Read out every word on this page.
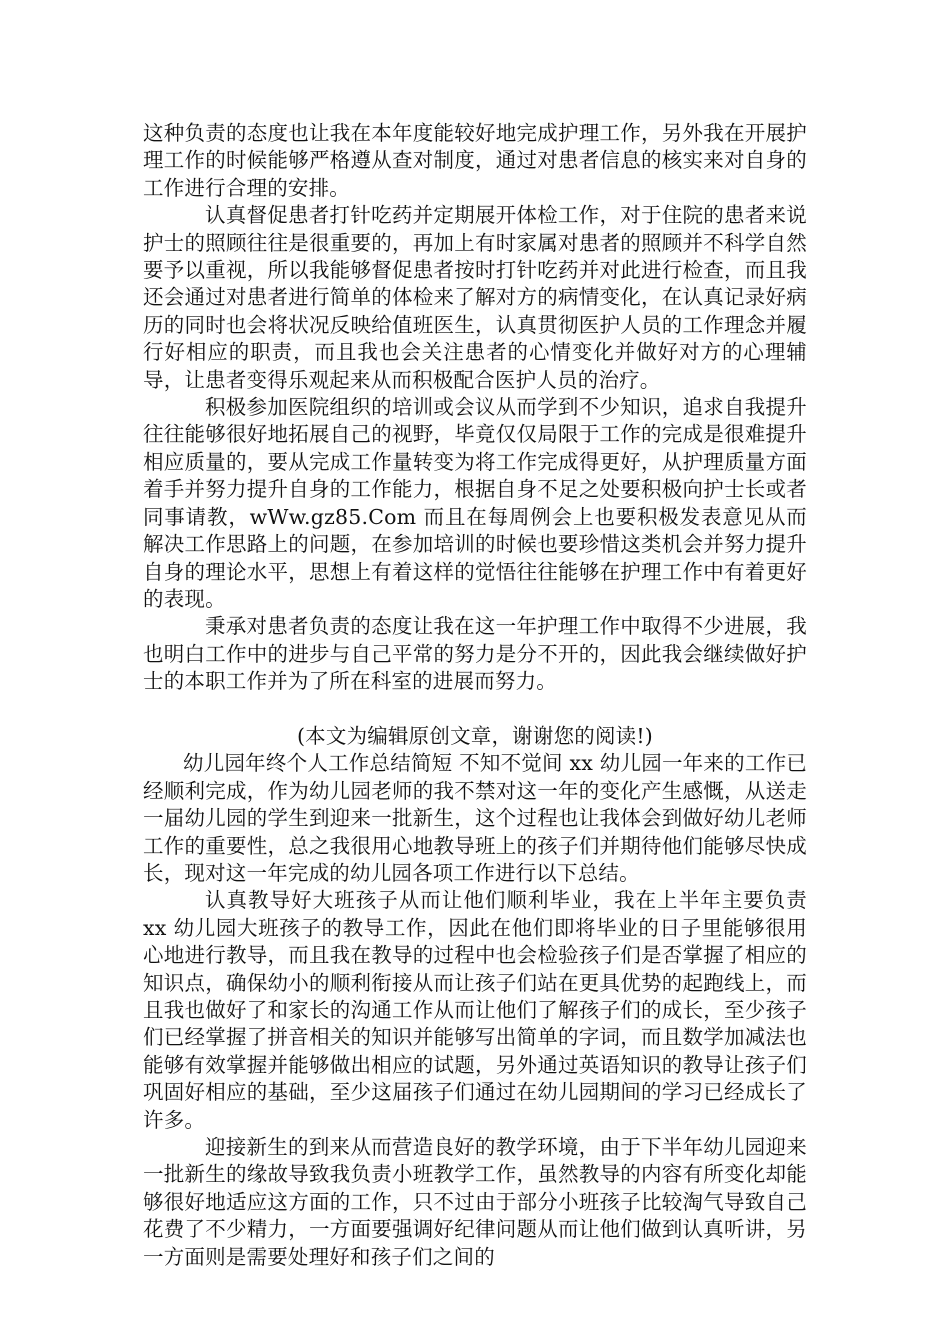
这种负责的态度也让我在本年度能较好地完成护理工作，另外我在开展护理工作的时候能够严格遵从查对制度，通过对患者信息的核实来对自身的工作进行合理的安排。

认真督促患者打针吃药并定期展开体检工作，对于住院的患者来说护士的照顾往往是很重要的，再加上有时家属对患者的照顾并不科学自然要予以重视，所以我能够督促患者按时打针吃药并对此进行检查，而且我还会通过对患者进行简单的体检来了解对方的病情变化，在认真记录好病历的同时也会将状况反映给值班医生，认真贯彻医护人员的工作理念并履行好相应的职责，而且我也会关注患者的心情变化并做好对方的心理辅导，让患者变得乐观起来从而积极配合医护人员的治疗。

积极参加医院组织的培训或会议从而学到不少知识，追求自我提升往往能够很好地拓展自己的视野，毕竟仅仅局限于工作的完成是很难提升相应质量的，要从完成工作量转变为将工作完成得更好，从护理质量方面着手并努力提升自身的工作能力，根据自身不足之处要积极向护士长或者同事请教，wWw.gz85.Com 而且在每周例会上也要积极发表意见从而解决工作思路上的问题，在参加培训的时候也要珍惜这类机会并努力提升自身的理论水平，思想上有着这样的觉悟往往能够在护理工作中有着更好的表现。

秉承对患者负责的态度让我在这一年护理工作中取得不少进展，我也明白工作中的进步与自己平常的努力是分不开的，因此我会继续做好护士的本职工作并为了所在科室的进展而努力。

(本文为编辑原创文章，谢谢您的阅读!)

幼儿园年终个人工作总结简短 不知不觉间 xx 幼儿园一年来的工作已经顺利完成，作为幼儿园老师的我不禁对这一年的变化产生感慨，从送走一届幼儿园的学生到迎来一批新生，这个过程也让我体会到做好幼儿老师工作的重要性，总之我很用心地教导班上的孩子们并期待他们能够尽快成长，现对这一年完成的幼儿园各项工作进行以下总结。

认真教导好大班孩子从而让他们顺利毕业，我在上半年主要负责 xx 幼儿园大班孩子的教导工作，因此在他们即将毕业的日子里能够很用心地进行教导，而且我在教导的过程中也会检验孩子们是否掌握了相应的知识点，确保幼小的顺利衔接从而让孩子们站在更具优势的起跑线上，而且我也做好了和家长的沟通工作从而让他们了解孩子们的成长，至少孩子们已经掌握了拼音相关的知识并能够写出简单的字词，而且数学加减法也能够有效掌握并能够做出相应的试题，另外通过英语知识的教导让孩子们巩固好相应的基础，至少这届孩子们通过在幼儿园期间的学习已经成长了许多。

迎接新生的到来从而营造良好的教学环境，由于下半年幼儿园迎来一批新生的缘故导致我负责小班教学工作，虽然教导的内容有所变化却能够很好地适应这方面的工作，只不过由于部分小班孩子比较淘气导致自己花费了不少精力，一方面要强调好纪律问题从而让他们做到认真听讲，另一方面则是需要处理好和孩子们之间的
